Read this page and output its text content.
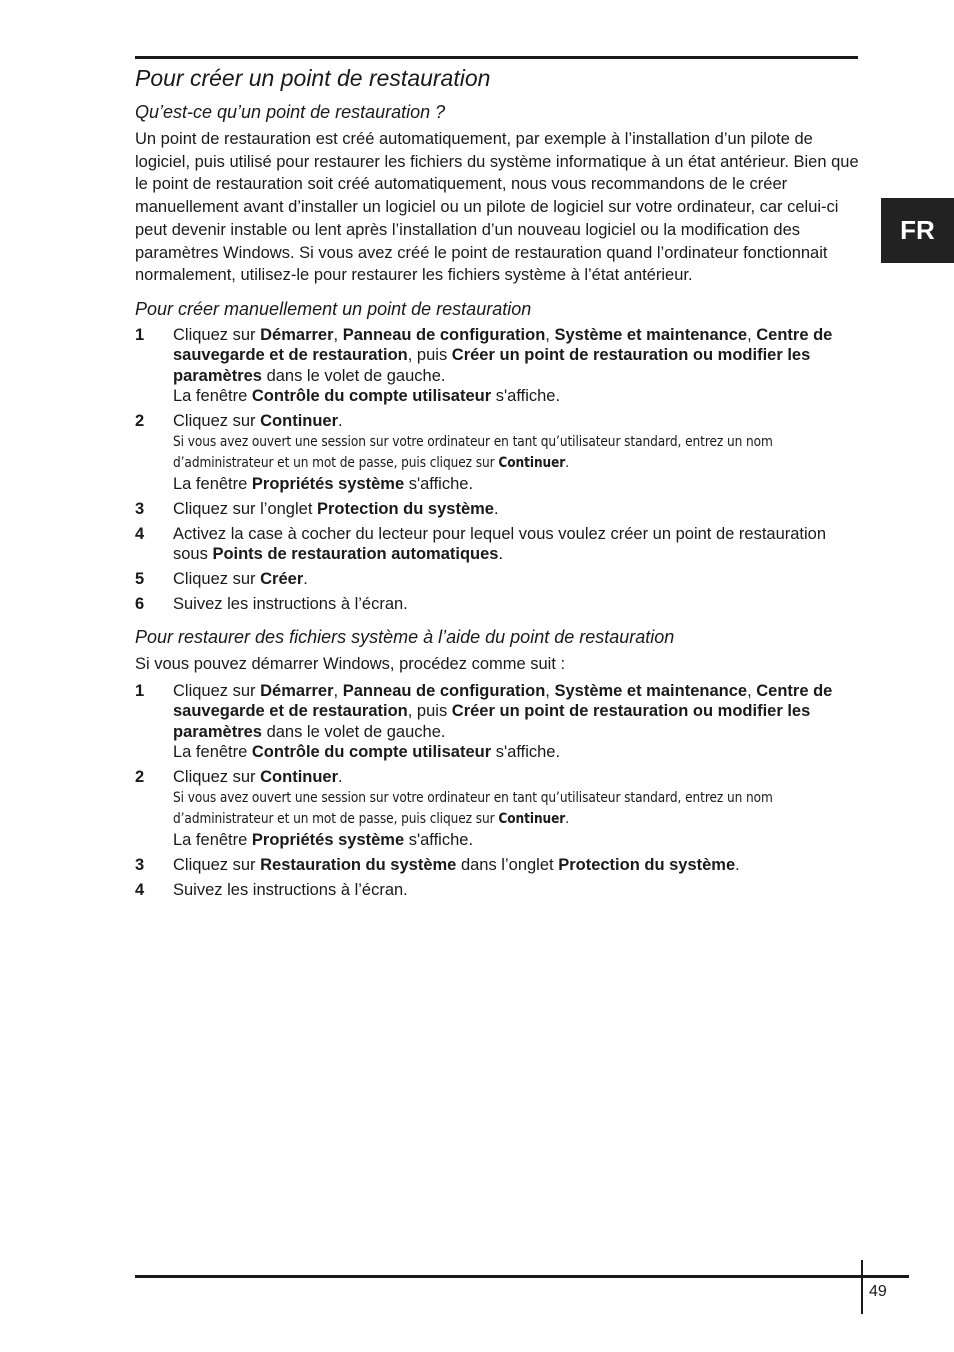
FR
Pour créer un point de restauration
Qu’est-ce qu’un point de restauration ?

Un point de restauration est créé automatiquement, par exemple à l’installation d’un pilote de logiciel, puis utilisé pour restaurer les fichiers du système informatique à un état antérieur. Bien que le point de restauration soit créé automatiquement, nous vous recommandons de le créer manuellement avant d’installer un logiciel ou un pilote de logiciel sur votre ordinateur, car celui-ci peut devenir instable ou lent après l’installation d’un nouveau logiciel ou la modification des paramètres Windows. Si vous avez créé le point de restauration quand l’ordinateur fonctionnait normalement, utilisez-le pour restaurer les fichiers système à l’état antérieur.

Pour créer manuellement un point de restauration
1 Cliquez sur Démarrer, Panneau de configuration, Système et maintenance, Centre de sauvegarde et de restauration, puis Créer un point de restauration ou modifier les paramètres dans le volet de gauche.
La fenêtre Contrôle du compte utilisateur s'affiche.
2 Cliquez sur Continuer.
Si vous avez ouvert une session sur votre ordinateur en tant qu’utilisateur standard, entrez un nom d’administrateur et un mot de passe, puis cliquez sur Continuer.
La fenêtre Propriétés système s'affiche.
3 Cliquez sur l’onglet Protection du système.
4 Activez la case à cocher du lecteur pour lequel vous voulez créer un point de restauration sous Points de restauration automatiques.
5 Cliquez sur Créer.
6 Suivez les instructions à l’écran.
Pour restaurer des fichiers système à l’aide du point de restauration

Si vous pouvez démarrer Windows, procédez comme suit :

1 Cliquez sur Démarrer, Panneau de configuration, Système et maintenance, Centre de sauvegarde et de restauration, puis Créer un point de restauration ou modifier les paramètres dans le volet de gauche.
La fenêtre Contrôle du compte utilisateur s'affiche.
2 Cliquez sur Continuer.
Si vous avez ouvert une session sur votre ordinateur en tant qu’utilisateur standard, entrez un nom d’administrateur et un mot de passe, puis cliquez sur Continuer.
La fenêtre Propriétés système s'affiche.
3 Cliquez sur Restauration du système dans l’onglet Protection du système.
4 Suivez les instructions à l’écran.
49
